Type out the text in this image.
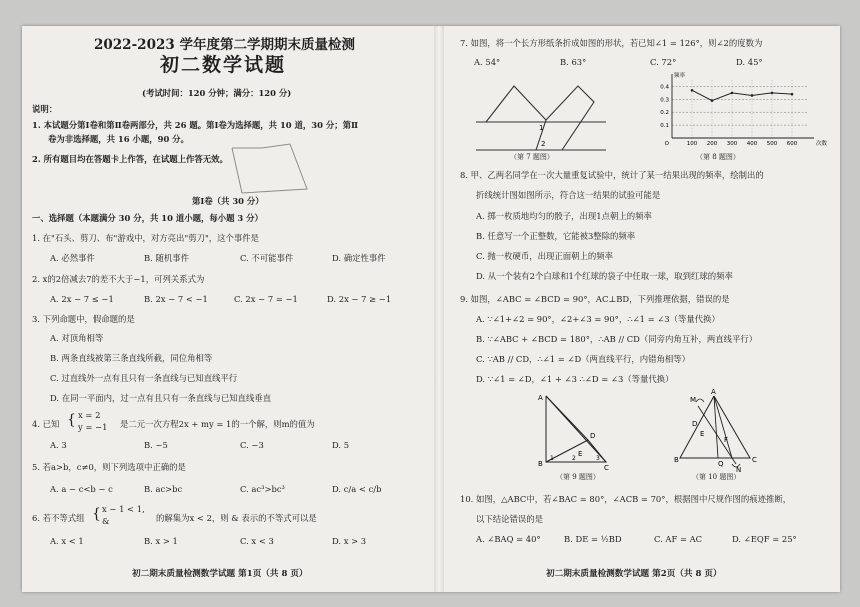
2022-2023 学年度第二学期期末质量检测
初二数学试题
(考试时间：120 分钟；满分：120 分)
说明：
1. 本试题分第Ⅰ卷和第Ⅱ卷两部分，共 26 题。第Ⅰ卷为选择题，共 10 道，30 分；第Ⅱ
卷为非选择题，共 16 小题，90 分。
2. 所有题目均在答题卡上作答，在试题上作答无效。
第Ⅰ卷（共 30 分）
一、选择题（本题满分 30 分，共 10 道小题，每小题 3 分）
1. 在"石头、剪刀、布"游戏中，对方亮出"剪刀"，这个事件是
A. 必然事件	B. 随机事件	C. 不可能事件	D. 确定性事件
2. x的2倍减去7的差不大于−1，可列关系式为
A. 2x − 7 ≤ −1	B. 2x − 7 < −1	C. 2x − 7 = −1	D. 2x − 7 ≥ −1
3. 下列命题中，假命题的是
A. 对顶角相等
B. 两条直线被第三条直线所截，同位角相等
C. 过直线外一点有且只有一条直线与已知直线平行
D. 在同一平面内，过一点有且只有一条直线与已知直线垂直
4. 已知 { x = 2
y = −1 是二元一次方程2x + my = 1的一个解，则m的值为
A. 3	B. −5	C. −3	D. 5
5. 若a>b，c≠0，则下列选项中正确的是
A. a − c<b − c	B. ac>bc	C. ac³>bc³	D. c/a < c/b
6. 若不等式组 { x − 1 < 1,
&	的解集为x < 2，则 & 表示的不等式可以是
A. x < 1	B. x > 1	C. x < 3	D. x > 3
初二期末质量检测数学试题 第1页（共 8 页）
7. 如图，将一个长方形纸条折成如图的形状，若已知∠1 = 126°，则∠2的度数为
A. 54°	B. 63°	C. 72°	D. 45°
1
2
（第 7 题图）
0.4
0.3
0.2
0.1
100 200 300 400 500 600
O
频率
次数
（第 8 题图）
8. 甲、乙两名同学在一次大量重复试验中，统计了某一结果出现的频率，绘制出的
折线统计图如图所示，符合这一结果的试验可能是
A. 掷一枚质地均匀的骰子，出现1点朝上的频率
B. 任意写一个正整数，它能被3整除的频率
C. 抛一枚硬币，出现正面朝上的频率
D. 从一个装有2个白球和1个红球的袋子中任取一球，取到红球的频率
9. 如图，∠ABC = ∠BCD = 90°，AC⊥BD，下列推理依据，错误的是
A. ∵∠1+∠2 = 90°，∠2+∠3 = 90°，∴∠1 = ∠3（等量代换）
B. ∵∠ABC + ∠BCD = 180°，∴AB // CD（同旁内角互补，两直线平行）
C. ∵AB // CD，∴∠1 = ∠D（两直线平行，内错角相等）
D. ∵∠1 = ∠D，∠1 + ∠3 ∴∠D = ∠3（等量代换）
A
B	C
D
E
1	2	3
（第 9 题图）
A
B	C
D
E
F
M
N
Q
（第 10 题图）
10. 如图，△ABC中，若∠BAC = 80°，∠ACB = 70°，根据图中尺规作图的痕迹推断，
以下结论错误的是
A. ∠BAQ = 40°	B. DE = ½BD	C. AF = AC	D. ∠EQF = 25°
初二期末质量检测数学试题 第2页（共 8 页）
